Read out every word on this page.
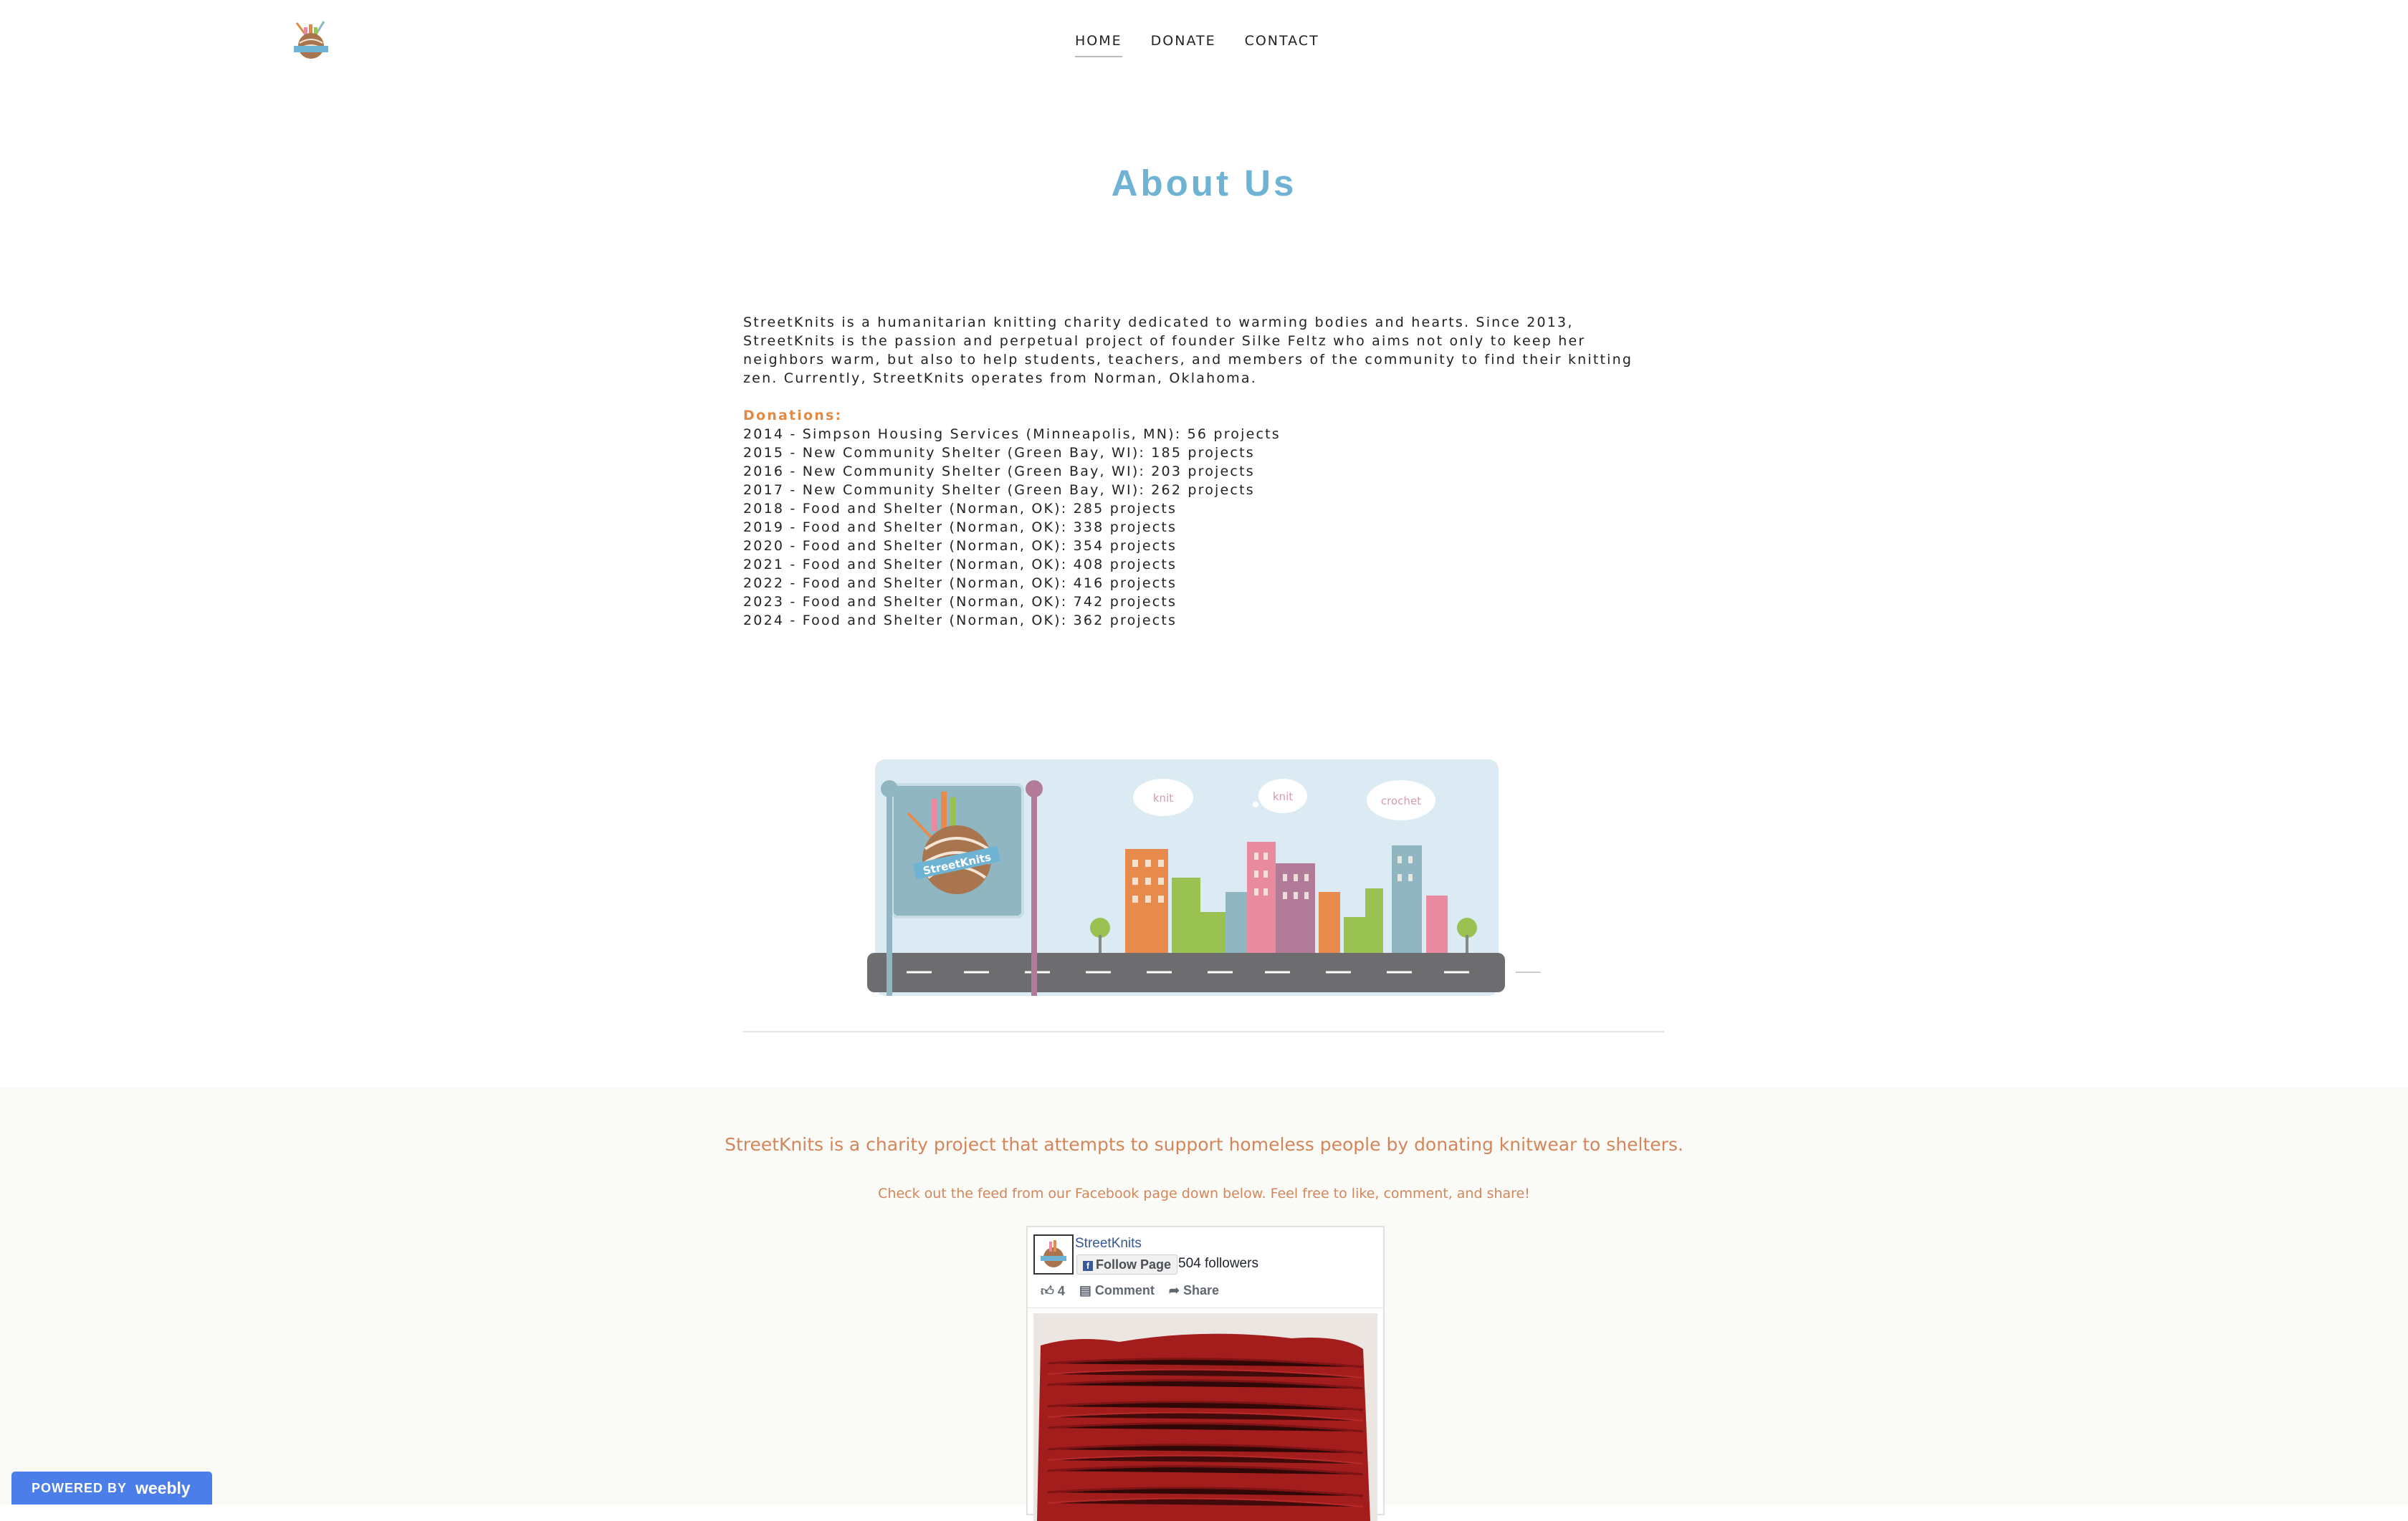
HOME DONATE CONTACT
About Us

StreetKnits is a humanitarian knitting charity dedicated to warming bodies and hearts. Since 2013, StreetKnits is the passion and perpetual project of founder Silke Feltz who aims not only to keep her neighbors warm, but also to help students, teachers, and members of the community to find their knitting zen. Currently, StreetKnits operates from Norman, Oklahoma.

Donations:

2014 - Simpson Housing Services (Minneapolis, MN): 56 projects
2015 - New Community Shelter (Green Bay, WI): 185 projects
2016 - New Community Shelter (Green Bay, WI): 203 projects
2017 - New Community Shelter (Green Bay, WI): 262 projects
2018 - Food and Shelter (Norman, OK): 285 projects
2019 - Food and Shelter (Norman, OK): 338 projects
2020 - Food and Shelter (Norman, OK): 354 projects
2021 - Food and Shelter (Norman, OK): 408 projects
2022 - Food and Shelter (Norman, OK): 416 projects
2023 - Food and Shelter (Norman, OK): 742 projects
2024 - Food and Shelter (Norman, OK): 362 projects
knit	knit	crochet
StreetKnits
StreetKnits is a charity project that attempts to support homeless people by donating knitwear to shelters.
Check out the feed from our Facebook page down below. Feel free to like, comment, and share!
StreetKnits
f Follow Page 504 followers
👍︎ 4 ▤ Comment ➦ Share
POWERED BY weebly
